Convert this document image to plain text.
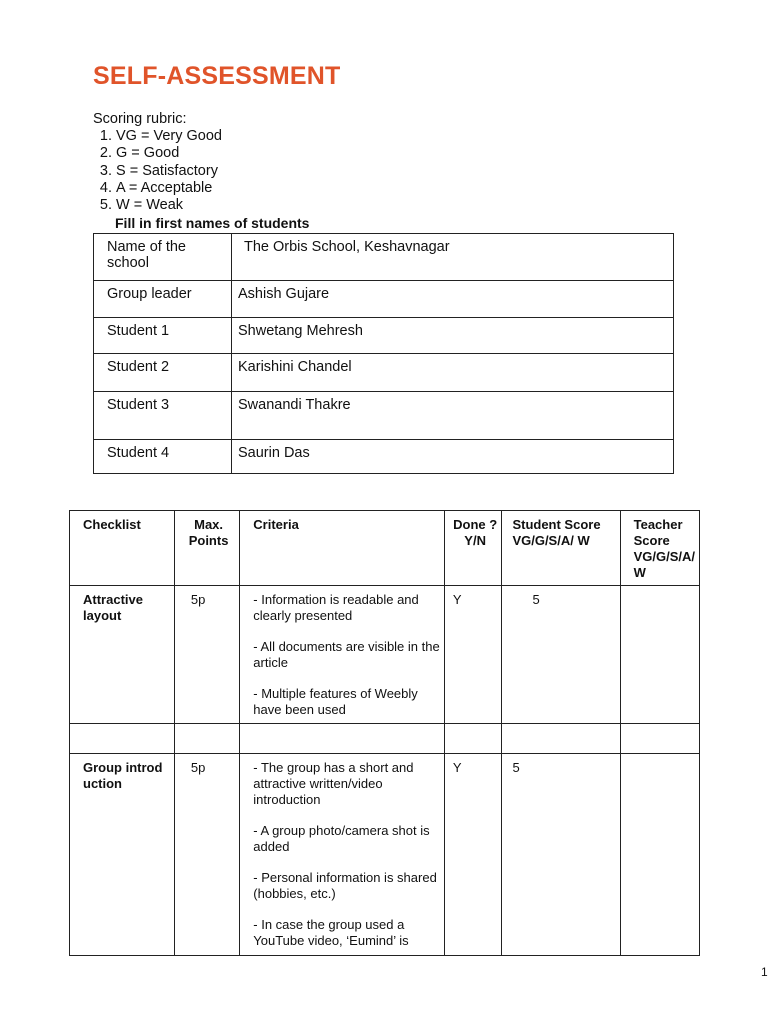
SELF-ASSESSMENT
Scoring rubric:
1. VG = Very Good
2. G = Good
3. S = Satisfactory
4. A = Acceptable
5. W = Weak
Fill in first names of students
Name of the school	The Orbis School, Keshavnagar
Group leader	Ashish Gujare
Student 1	Shwetang Mehresh
Student 2	Karishini Chandel
Student 3	Swanandi Thakre
Student 4	Saurin Das
Checklist	Max. Points	Criteria	Done ? Y/N	Student Score VG/G/S/A/ W	Teacher Score VG/G/S/A/ W
Attractive layout	5p	- Information is readable and clearly presented

- All documents are visible in the article

- Multiple features of Weebly have been used	Y	5	

Group introduction	5p	- The group has a short and attractive written/video introduction

- A group photo/camera shot is added

- Personal information is shared (hobbies, etc.)

- In case the group used a YouTube video, ‘Eumind’ is	Y	5	
1
